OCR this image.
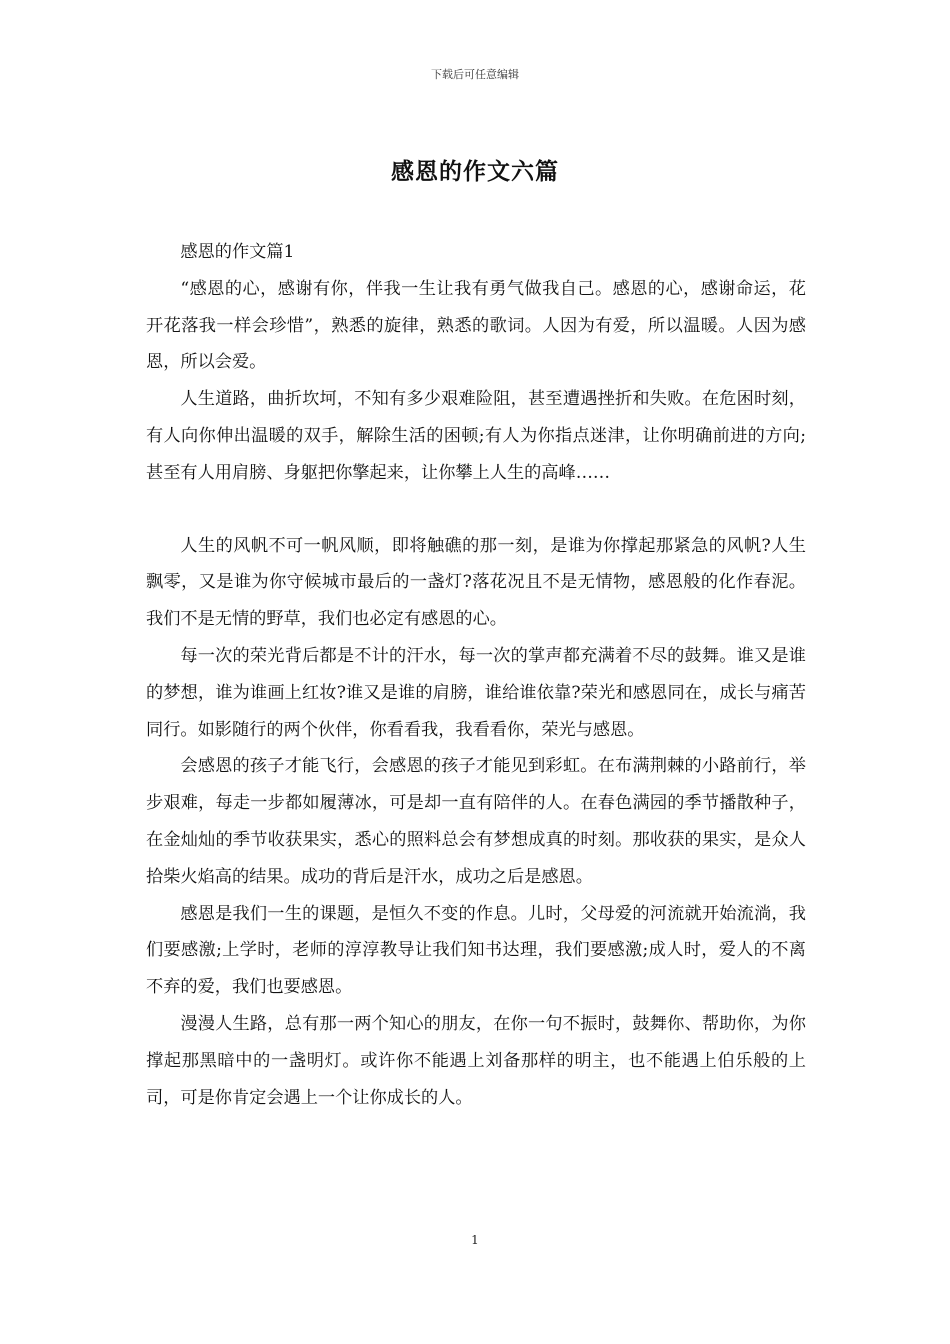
下载后可任意编辑
感恩的作文六篇

感恩的作文篇1

“感恩的心，感谢有你，伴我一生让我有勇气做我自己。感恩的心，感谢命运，花开花落我一样会珍惜”，熟悉的旋律，熟悉的歌词。人因为有爱，所以温暖。人因为感恩，所以会爱。

人生道路，曲折坎坷，不知有多少艰难险阻，甚至遭遇挫折和失败。在危困时刻，有人向你伸出温暖的双手，解除生活的困顿;有人为你指点迷津，让你明确前进的方向;甚至有人用肩膀、身躯把你擎起来，让你攀上人生的高峰……

人生的风帆不可一帆风顺，即将触礁的那一刻，是谁为你撑起那紧急的风帆?人生飘零，又是谁为你守候城市最后的一盏灯?落花况且不是无情物，感恩般的化作春泥。我们不是无情的野草，我们也必定有感恩的心。

每一次的荣光背后都是不计的汗水，每一次的掌声都充满着不尽的鼓舞。谁又是谁的梦想，谁为谁画上红妆?谁又是谁的肩膀，谁给谁依靠?荣光和感恩同在，成长与痛苦同行。如影随行的两个伙伴，你看看我，我看看你，荣光与感恩。

会感恩的孩子才能飞行，会感恩的孩子才能见到彩虹。在布满荆棘的小路前行，举步艰难，每走一步都如履薄冰，可是却一直有陪伴的人。在春色满园的季节播散种子，在金灿灿的季节收获果实，悉心的照料总会有梦想成真的时刻。那收获的果实，是众人拾柴火焰高的结果。成功的背后是汗水，成功之后是感恩。

感恩是我们一生的课题，是恒久不变的作息。儿时，父母爱的河流就开始流淌，我们要感激;上学时，老师的淳淳教导让我们知书达理，我们要感激;成人时，爱人的不离不弃的爱，我们也要感恩。

漫漫人生路，总有那一两个知心的朋友，在你一句不振时，鼓舞你、帮助你，为你撑起那黑暗中的一盏明灯。或许你不能遇上刘备那样的明主，也不能遇上伯乐般的上司，可是你肯定会遇上一个让你成长的人。

1
